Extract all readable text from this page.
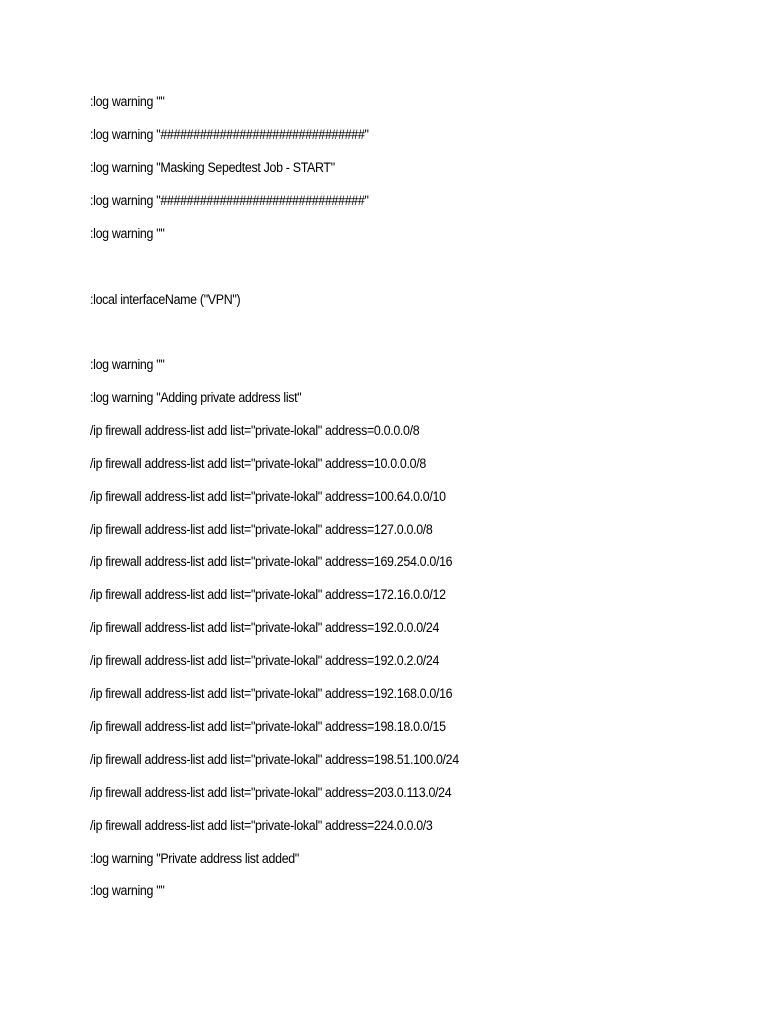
:log warning ""

:log warning "###############################"

:log warning "Masking Sepedtest Job - START"

:log warning "###############################"

:log warning ""

:local interfaceName ("VPN")

:log warning ""

:log warning "Adding private address list"

/ip firewall address-list add list="private-lokal" address=0.0.0.0/8

/ip firewall address-list add list="private-lokal" address=10.0.0.0/8

/ip firewall address-list add list="private-lokal" address=100.64.0.0/10

/ip firewall address-list add list="private-lokal" address=127.0.0.0/8

/ip firewall address-list add list="private-lokal" address=169.254.0.0/16

/ip firewall address-list add list="private-lokal" address=172.16.0.0/12

/ip firewall address-list add list="private-lokal" address=192.0.0.0/24

/ip firewall address-list add list="private-lokal" address=192.0.2.0/24

/ip firewall address-list add list="private-lokal" address=192.168.0.0/16

/ip firewall address-list add list="private-lokal" address=198.18.0.0/15

/ip firewall address-list add list="private-lokal" address=198.51.100.0/24

/ip firewall address-list add list="private-lokal" address=203.0.113.0/24

/ip firewall address-list add list="private-lokal" address=224.0.0.0/3

:log warning "Private address list added"

:log warning ""
